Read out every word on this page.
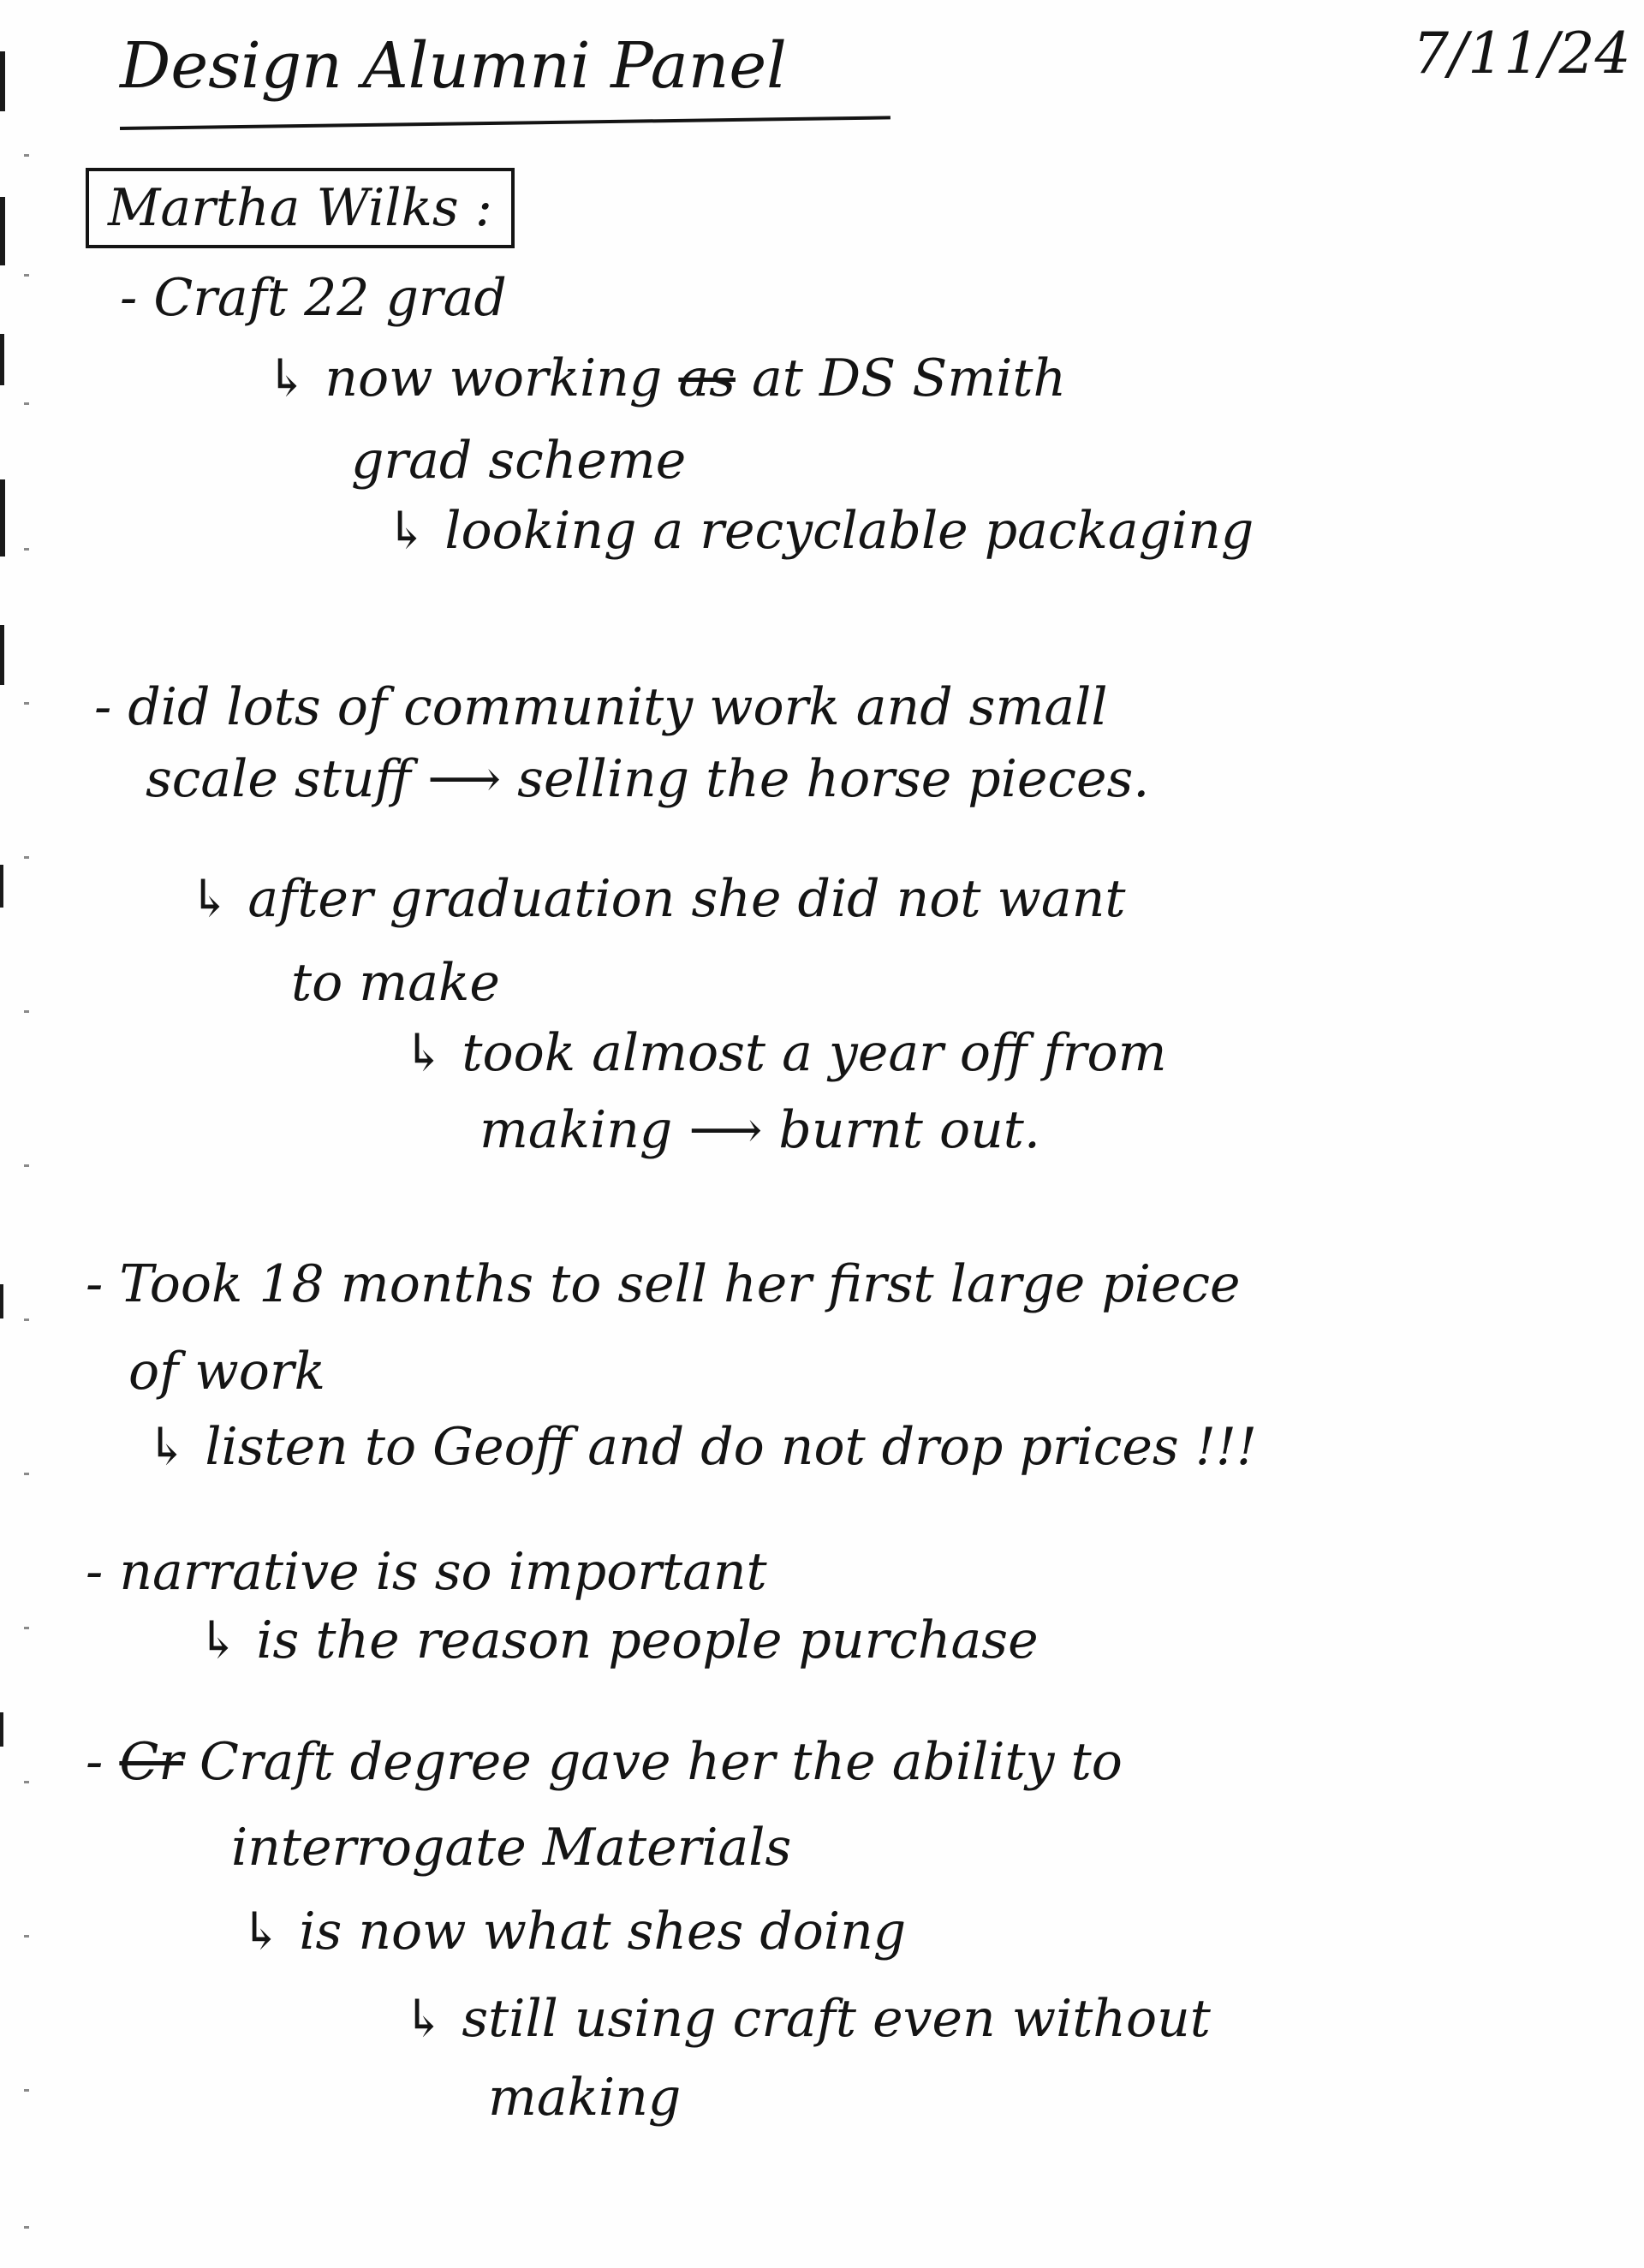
Design Alumni Panel	7/11/24
Martha Wilks :
- Craft 22 grad
↳ now working as at DS Smith
grad scheme
↳ looking a recyclable packaging
- did lots of community work and small
scale stuff ⟶ selling the horse pieces.
↳ after graduation she did not want
to make
↳ took almost a year off from
making ⟶ burnt out.
- Took 18 months to sell her first large piece
of work
↳ listen to Geoff and do not drop prices !!!
- narrative is so important
↳ is the reason people purchase
- Cr Craft degree gave her the ability to
interrogate Materials
↳ is now what shes doing
↳ still using craft even without
making
